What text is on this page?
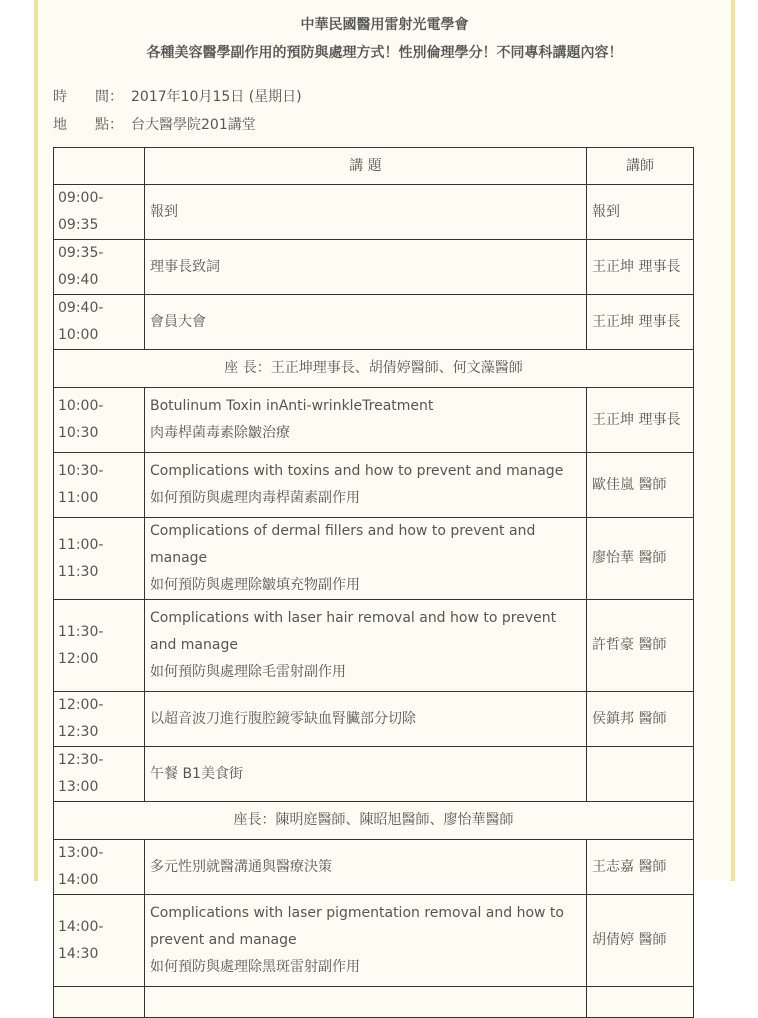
中華民國醫用雷射光電學會
各種美容醫學副作用的預防與處理方式！性別倫理學分！不同專科講題內容！
時　　間： 2017年10月15日 (星期日)
地　　點： 台大醫學院201講堂
	講 題	講師
09:00-09:35	報到	報到
09:35-09:40	理事長致詞	王正坤 理事長
09:40-10:00	會員大會	王正坤 理事長
座 長：王正坤理事長、胡倩婷醫師、何文藻醫師		
10:00-10:30	Botulinum Toxin inAnti-wrinkleTreatment
肉毒桿菌毒素除皺治療	王正坤 理事長
10:30-11:00	Complications with toxins and how to prevent and manage
如何預防與處理肉毒桿菌素副作用	歐佳嵐 醫師
11:00-11:30	Complications of dermal fillers and how to prevent and manage
如何預防與處理除皺填充物副作用	廖怡華 醫師
11:30-12:00	Complications with laser hair removal and how to prevent and manage
如何預防與處理除毛雷射副作用	許哲豪 醫師
12:00-12:30	以超音波刀進行腹腔鏡零缺血腎臟部分切除	侯鎮邦 醫師
12:30-13:00	午餐 B1美食街	
座長：陳明庭醫師、陳昭旭醫師、廖怡華醫師		
13:00-14:00	多元性別就醫溝通與醫療決策	王志嘉 醫師
14:00-14:30	Complications with laser pigmentation removal and how to prevent and manage
如何預防與處理除黑斑雷射副作用	胡倩婷 醫師
